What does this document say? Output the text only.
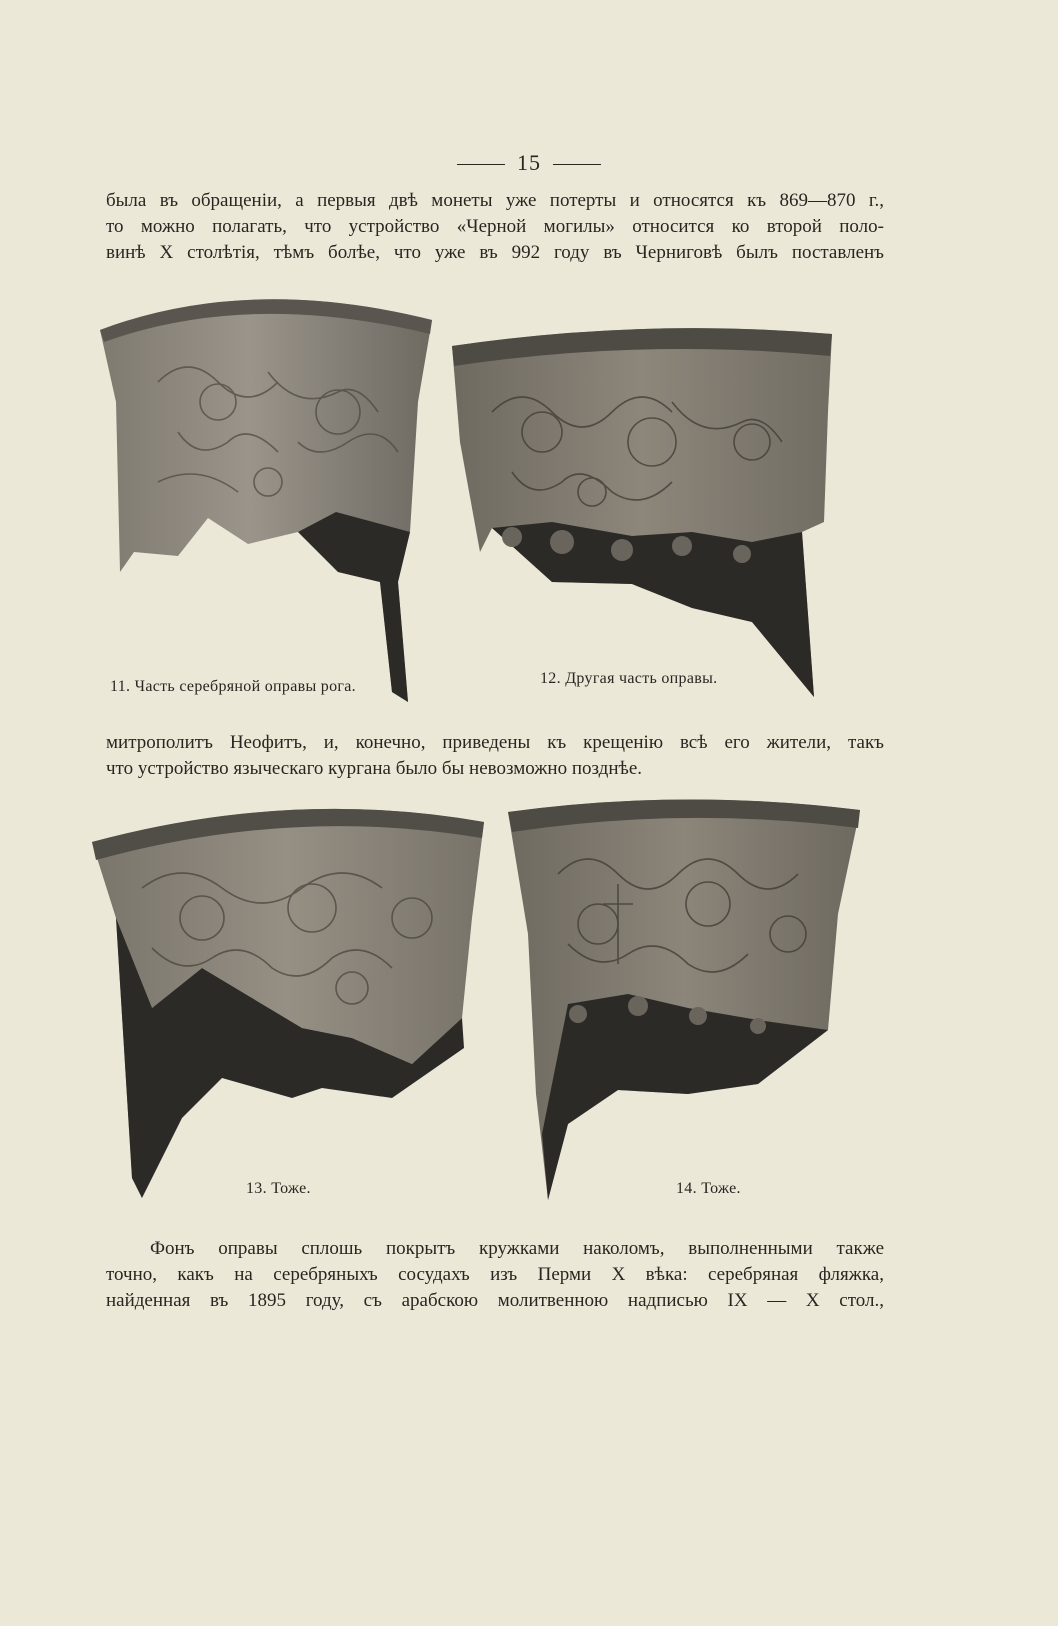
15
была въ обращеніи, а первыя двѣ монеты уже потерты и относятся къ 869—870 г.,
то можно полагать, что устройство «Черной могилы» относится ко второй поло-
винѣ X столѣтія, тѣмъ болѣе, что уже въ 992 году въ Черниговѣ былъ поставленъ
11. Часть серебряной оправы рога.	12. Другая часть оправы.
митрополитъ Неофитъ, и, конечно, приведены къ крещенію всѣ его жители, такъ
что устройство языческаго кургана было бы невозможно позднѣе.
13. Тоже.	14. Тоже.
Фонъ оправы сплошь покрытъ кружками наколомъ, выполненными также
точно, какъ на серебряныхъ сосудахъ изъ Перми X вѣка: серебряная фляжка,
найденная въ 1895 году, съ арабскою молитвенною надписью IX — X стол.,
